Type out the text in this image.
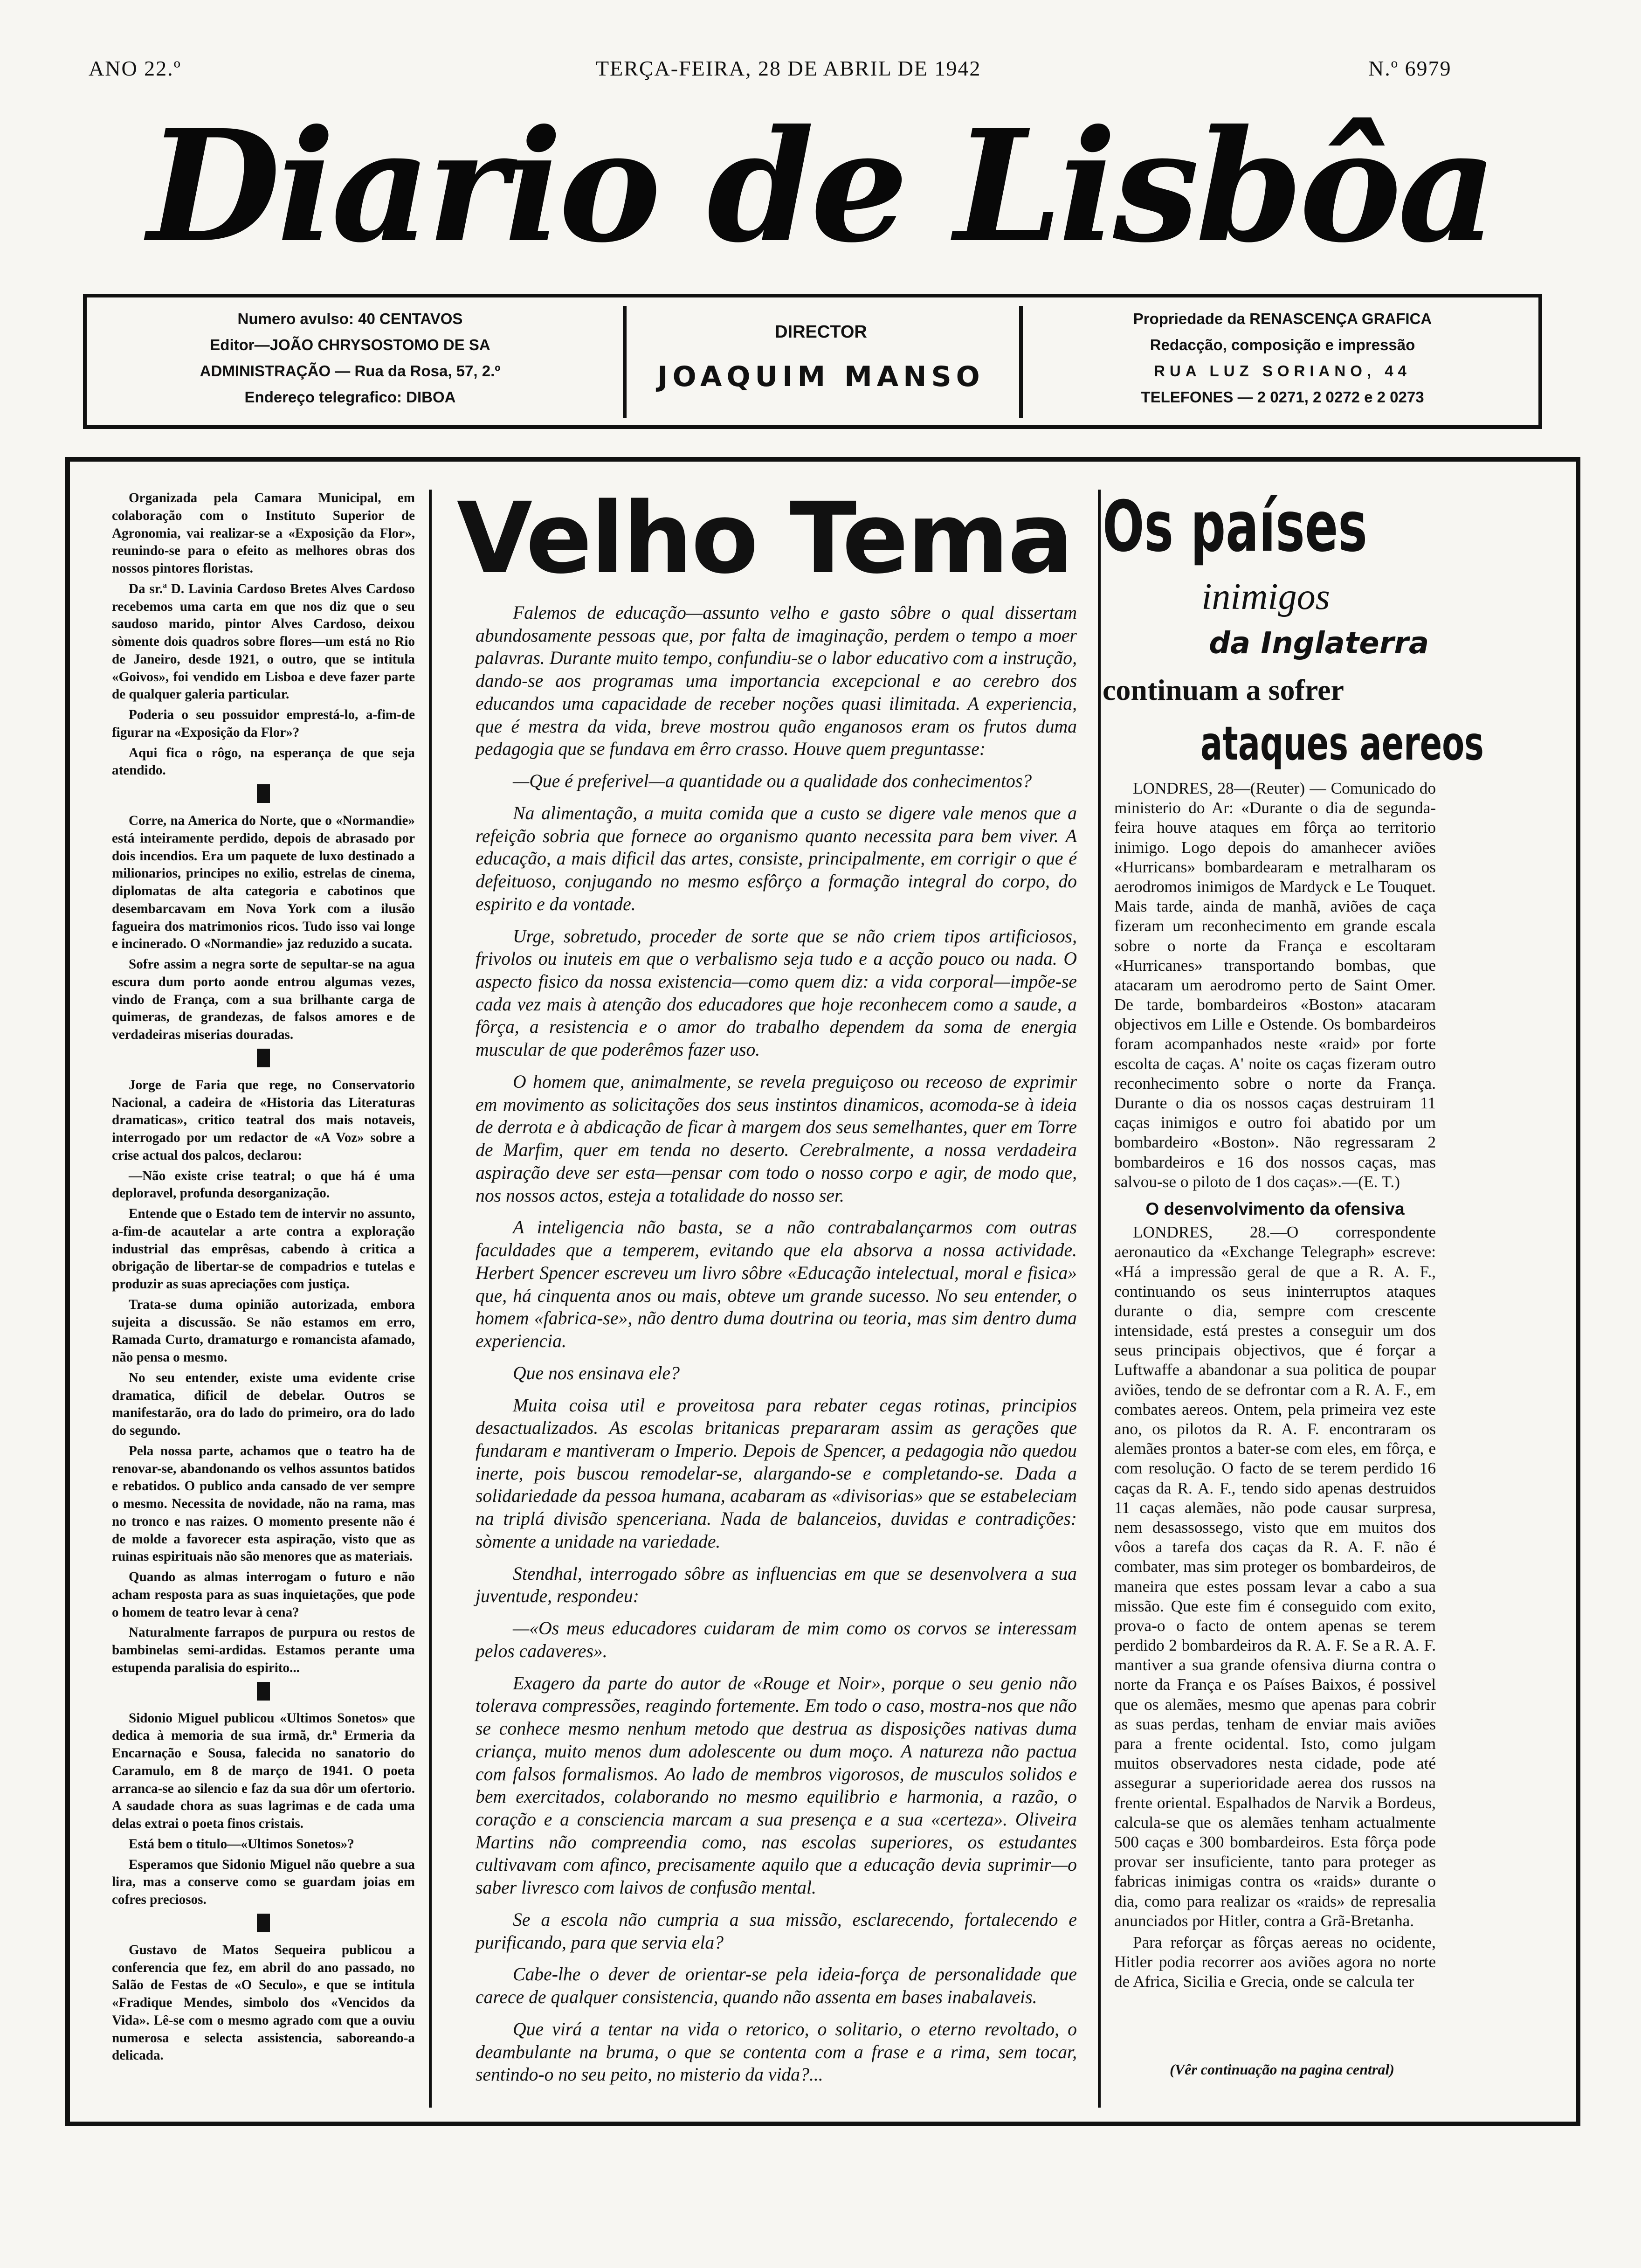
ANO 22.º	TERÇA-FEIRA, 28 DE ABRIL DE 1942	N.º 6979
Diario de Lisbôa
Numero avulso: 40 CENTAVOS
Editor—JOÃO CHRYSOSTOMO DE SA
ADMINISTRAÇÃO — Rua da Rosa, 57, 2.º
Endereço telegrafico: DIBOA
DIRECTOR
JOAQUIM MANSO
Propriedade da RENASCENÇA GRAFICA
Redacção, composição e impressão
RUA LUZ SORIANO, 44
TELEFONES — 2 0271, 2 0272 e 2 0273

Organizada pela Camara Municipal, em colaboração com o Instituto Superior de Agronomia, vai realizar-se a «Exposição da Flor», reunindo-se para o efeito as melhores obras dos nossos pintores floristas.

Da sr.ª D. Lavinia Cardoso Bretes Alves Cardoso recebemos uma carta em que nos diz que o seu saudoso marido, pintor Alves Cardoso, deixou sòmente dois quadros sobre flores—um está no Rio de Janeiro, desde 1921, o outro, que se intitula «Goivos», foi vendido em Lisboa e deve fazer parte de qualquer galeria particular.

Poderia o seu possuidor emprestá-lo, a-fim-de figurar na «Exposição da Flor»?

Aqui fica o rôgo, na esperança de que seja atendido.

Corre, na America do Norte, que o «Normandie» está inteiramente perdido, depois de abrasado por dois incendios. Era um paquete de luxo destinado a milionarios, principes no exilio, estrelas de cinema, diplomatas de alta categoria e cabotinos que desembarcavam em Nova York com a ilusão fagueira dos matrimonios ricos. Tudo isso vai longe e incinerado. O «Normandie» jaz reduzido a sucata.

Sofre assim a negra sorte de sepultar-se na agua escura dum porto aonde entrou algumas vezes, vindo de França, com a sua brilhante carga de quimeras, de grandezas, de falsos amores e de verdadeiras miserias douradas.

Jorge de Faria que rege, no Conservatorio Nacional, a cadeira de «Historia das Literaturas dramaticas», critico teatral dos mais notaveis, interrogado por um redactor de «A Voz» sobre a crise actual dos palcos, declarou:

—Não existe crise teatral; o que há é uma deploravel, profunda desorganização.

Entende que o Estado tem de intervir no assunto, a-fim-de acautelar a arte contra a exploração industrial das emprêsas, cabendo à critica a obrigação de libertar-se de compadrios e tutelas e produzir as suas apreciações com justiça.

Trata-se duma opinião autorizada, embora sujeita a discussão. Se não estamos em erro, Ramada Curto, dramaturgo e romancista afamado, não pensa o mesmo.

No seu entender, existe uma evidente crise dramatica, dificil de debelar. Outros se manifestarão, ora do lado do primeiro, ora do lado do segundo.

Pela nossa parte, achamos que o teatro ha de renovar-se, abandonando os velhos assuntos batidos e rebatidos. O publico anda cansado de ver sempre o mesmo. Necessita de novidade, não na rama, mas no tronco e nas raizes. O momento presente não é de molde a favorecer esta aspiração, visto que as ruinas espirituais não são menores que as materiais.

Quando as almas interrogam o futuro e não acham resposta para as suas inquietações, que pode o homem de teatro levar à cena?

Naturalmente farrapos de purpura ou restos de bambinelas semi-ardidas. Estamos perante uma estupenda paralisia do espirito...

Sidonio Miguel publicou «Ultimos Sonetos» que dedica à memoria de sua irmã, dr.ª Ermeria da Encarnação e Sousa, falecida no sanatorio do Caramulo, em 8 de março de 1941. O poeta arranca-se ao silencio e faz da sua dôr um ofertorio. A saudade chora as suas lagrimas e de cada uma delas extrai o poeta finos cristais.

Está bem o titulo—«Ultimos Sonetos»?

Esperamos que Sidonio Miguel não quebre a sua lira, mas a conserve como se guardam joias em cofres preciosos.

Gustavo de Matos Sequeira publicou a conferencia que fez, em abril do ano passado, no Salão de Festas de «O Seculo», e que se intitula «Fradique Mendes, simbolo dos «Vencidos da Vida». Lê-se com o mesmo agrado com que a ouviu numerosa e selecta assistencia, saboreando-a delicada.

Velho Tema

Falemos de educação—assunto velho e gasto sôbre o qual dissertam abundosamente pessoas que, por falta de imaginação, perdem o tempo a moer palavras. Durante muito tempo, confundiu-se o labor educativo com a instrução, dando-se aos programas uma importancia excepcional e ao cerebro dos educandos uma capacidade de receber noções quasi ilimitada. A experiencia, que é mestra da vida, breve mostrou quão enganosos eram os frutos duma pedagogia que se fundava em êrro crasso. Houve quem preguntasse:

—Que é preferivel—a quantidade ou a qualidade dos conhecimentos?

Na alimentação, a muita comida que a custo se digere vale menos que a refeição sobria que fornece ao organismo quanto necessita para bem viver. A educação, a mais dificil das artes, consiste, principalmente, em corrigir o que é defeituoso, conjugando no mesmo esfôrço a formação integral do corpo, do espirito e da vontade.

Urge, sobretudo, proceder de sorte que se não criem tipos artificiosos, frivolos ou inuteis em que o verbalismo seja tudo e a acção pouco ou nada. O aspecto fisico da nossa existencia—como quem diz: a vida corporal—impõe-se cada vez mais à atenção dos educadores que hoje reconhecem como a saude, a fôrça, a resistencia e o amor do trabalho dependem da soma de energia muscular de que poderêmos fazer uso.

O homem que, animalmente, se revela preguiçoso ou receoso de exprimir em movimento as solicitações dos seus instintos dinamicos, acomoda-se à ideia de derrota e à abdicação de ficar à margem dos seus semelhantes, quer em Torre de Marfim, quer em tenda no deserto. Cerebralmente, a nossa verdadeira aspiração deve ser esta—pensar com todo o nosso corpo e agir, de modo que, nos nossos actos, esteja a totalidade do nosso ser.

A inteligencia não basta, se a não contrabalançarmos com outras faculdades que a temperem, evitando que ela absorva a nossa actividade. Herbert Spencer escreveu um livro sôbre «Educação intelectual, moral e fisica» que, há cinquenta anos ou mais, obteve um grande sucesso. No seu entender, o homem «fabrica-se», não dentro duma doutrina ou teoria, mas sim dentro duma experiencia.

Que nos ensinava ele?

Muita coisa util e proveitosa para rebater cegas rotinas, principios desactualizados. As escolas britanicas prepararam assim as gerações que fundaram e mantiveram o Imperio. Depois de Spencer, a pedagogia não quedou inerte, pois buscou remodelar-se, alargando-se e completando-se. Dada a solidariedade da pessoa humana, acabaram as «divisorias» que se estabeleciam na triplá divisão spenceriana. Nada de balanceios, duvidas e contradições: sòmente a unidade na variedade.

Stendhal, interrogado sôbre as influencias em que se desenvolvera a sua juventude, respondeu:

—«Os meus educadores cuidaram de mim como os corvos se interessam pelos cadaveres».

Exagero da parte do autor de «Rouge et Noir», porque o seu genio não tolerava compressões, reagindo fortemente. Em todo o caso, mostra-nos que não se conhece mesmo nenhum metodo que destrua as disposições nativas duma criança, muito menos dum adolescente ou dum moço. A natureza não pactua com falsos formalismos. Ao lado de membros vigorosos, de musculos solidos e bem exercitados, colaborando no mesmo equilibrio e harmonia, a razão, o coração e a consciencia marcam a sua presença e a sua «certeza». Oliveira Martins não compreendia como, nas escolas superiores, os estudantes cultivavam com afinco, precisamente aquilo que a educação devia suprimir—o saber livresco com laivos de confusão mental.

Se a escola não cumpria a sua missão, esclarecendo, fortalecendo e purificando, para que servia ela?

Cabe-lhe o dever de orientar-se pela ideia-força de personalidade que carece de qualquer consistencia, quando não assenta em bases inabalaveis.

Que virá a tentar na vida o retorico, o solitario, o eterno revoltado, o deambulante na bruma, o que se contenta com a frase e a rima, sem tocar, sentindo-o no seu peito, no misterio da vida?...

Os países
inimigos
da Inglaterra
continuam a sofrer
ataques aereos

LONDRES, 28—(Reuter) — Comunicado do ministerio do Ar: «Durante o dia de segunda-feira houve ataques em fôrça ao territorio inimigo. Logo depois do amanhecer aviões «Hurricans» bombardearam e metralharam os aerodromos inimigos de Mardyck e Le Touquet. Mais tarde, ainda de manhã, aviões de caça fizeram um reconhecimento em grande escala sobre o norte da França e escoltaram «Hurricanes» transportando bombas, que atacaram um aerodromo perto de Saint Omer. De tarde, bombardeiros «Boston» atacaram objectivos em Lille e Ostende. Os bombardeiros foram acompanhados neste «raid» por forte escolta de caças. A' noite os caças fizeram outro reconhecimento sobre o norte da França. Durante o dia os nossos caças destruiram 11 caças inimigos e outro foi abatido por um bombardeiro «Boston». Não regressaram 2 bombardeiros e 16 dos nossos caças, mas salvou-se o piloto de 1 dos caças».—(E. T.)

O desenvolvimento da ofensiva

LONDRES, 28.—O correspondente aeronautico da «Exchange Telegraph» escreve: «Há a impressão geral de que a R. A. F., continuando os seus ininterruptos ataques durante o dia, sempre com crescente intensidade, está prestes a conseguir um dos seus principais objectivos, que é forçar a Luftwaffe a abandonar a sua politica de poupar aviões, tendo de se defrontar com a R. A. F., em combates aereos. Ontem, pela primeira vez este ano, os pilotos da R. A. F. encontraram os alemães prontos a bater-se com eles, em fôrça, e com resolução. O facto de se terem perdido 16 caças da R. A. F., tendo sido apenas destruidos 11 caças alemães, não pode causar surpresa, nem desassossego, visto que em muitos dos vôos a tarefa dos caças da R. A. F. não é combater, mas sim proteger os bombardeiros, de maneira que estes possam levar a cabo a sua missão. Que este fim é conseguido com exito, prova-o o facto de ontem apenas se terem perdido 2 bombardeiros da R. A. F. Se a R. A. F. mantiver a sua grande ofensiva diurna contra o norte da França e os Países Baixos, é possivel que os alemães, mesmo que apenas para cobrir as suas perdas, tenham de enviar mais aviões para a frente ocidental. Isto, como julgam muitos observadores nesta cidade, pode até assegurar a superioridade aerea dos russos na frente oriental. Espalhados de Narvik a Bordeus, calcula-se que os alemães tenham actualmente 500 caças e 300 bombardeiros. Esta fôrça pode provar ser insuficiente, tanto para proteger as fabricas inimigas contra os «raids» durante o dia, como para realizar os «raids» de represalia anunciados por Hitler, contra a Grã-Bretanha.

Para reforçar as fôrças aereas no ocidente, Hitler podia recorrer aos aviões agora no norte de Africa, Sicilia e Grecia, onde se calcula ter

(Vêr continuação na pagina central)
